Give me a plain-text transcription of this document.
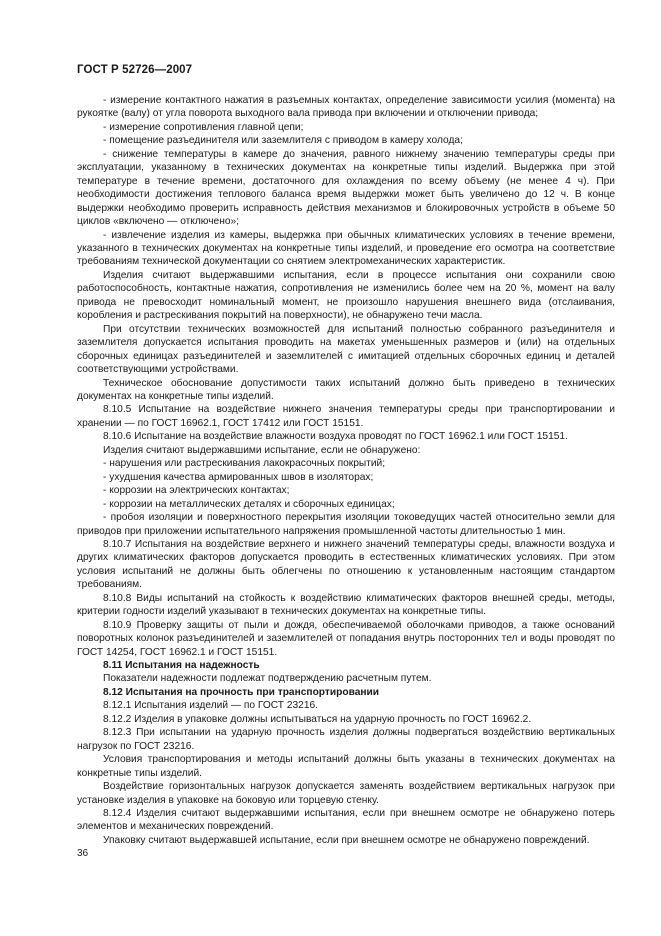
ГОСТ Р 52726—2007

- измерение контактного нажатия в разъемных контактах, определение зависимости усилия (момента) на рукоятке (валу) от угла поворота выходного вала привода при включении и отключении привода;

- измерение сопротивления главной цепи;

- помещение разъединителя или заземлителя с приводом в камеру холода;

- снижение температуры в камере до значения, равного нижнему значению температуры среды при эксплуатации, указанному в технических документах на конкретные типы изделий. Выдержка при этой температуре в течение времени, достаточного для охлаждения по всему объему (не менее 4 ч). При необходимости достижения теплового баланса время выдержки может быть увеличено до 12 ч. В конце выдержки необходимо проверить исправность действия механизмов и блокировочных устройств в объеме 50 циклов «включено — отключено»;

- извлечение изделия из камеры, выдержка при обычных климатических условиях в течение времени, указанного в технических документах на конкретные типы изделий, и проведение его осмотра на соответствие требованиям технической документации со снятием электромеханических характеристик.

Изделия считают выдержавшими испытания, если в процессе испытания они сохранили свою работоспособность, контактные нажатия, сопротивления не изменились более чем на 20 %, момент на валу привода не превосходит номинальный момент, не произошло нарушения внешнего вида (отслаивания, коробления и растрескивания покрытий на поверхности), не обнаружено течи масла.

При отсутствии технических возможностей для испытаний полностью собранного разъединителя и заземлителя допускается испытания проводить на макетах уменьшенных размеров и (или) на отдельных сборочных единицах разъединителей и заземлителей с имитацией отдельных сборочных единиц и деталей соответствующими устройствами.

Техническое обоснование допустимости таких испытаний должно быть приведено в технических документах на конкретные типы изделий.

8.10.5 Испытание на воздействие нижнего значения температуры среды при транспортировании и хранении — по ГОСТ 16962.1, ГОСТ 17412 или ГОСТ 15151.

8.10.6 Испытание на воздействие влажности воздуха проводят по ГОСТ 16962.1 или ГОСТ 15151.

Изделия считают выдержавшими испытание, если не обнаружено:

- нарушения или растрескивания лакокрасочных покрытий;

- ухудшения качества армированных швов в изоляторах;

- коррозии на электрических контактах;

- коррозии на металлических деталях и сборочных единицах;

- пробоя изоляции и поверхностного перекрытия изоляции токоведущих частей относительно земли для приводов при приложении испытательного напряжения промышленной частоты длительностью 1 мин.

8.10.7 Испытания на воздействие верхнего и нижнего значений температуры среды, влажности воздуха и других климатических факторов допускается проводить в естественных климатических условиях. При этом условия испытаний не должны быть облегчены по отношению к установленным настоящим стандартом требованиям.

8.10.8 Виды испытаний на стойкость к воздействию климатических факторов внешней среды, методы, критерии годности изделий указывают в технических документах на конкретные типы.

8.10.9 Проверку защиты от пыли и дождя, обеспечиваемой оболочками приводов, а также оснований поворотных колонок разъединителей и заземлителей от попадания внутрь посторонних тел и воды проводят по ГОСТ 14254, ГОСТ 16962.1 и ГОСТ 15151.

8.11 Испытания на надежность

Показатели надежности подлежат подтверждению расчетным путем.

8.12 Испытания на прочность при транспортировании

8.12.1 Испытания изделий — по ГОСТ 23216.

8.12.2 Изделия в упаковке должны испытываться на ударную прочность по ГОСТ 16962.2.

8.12.3 При испытании на ударную прочность изделия должны подвергаться воздействию вертикальных нагрузок по ГОСТ 23216.

Условия транспортирования и методы испытаний должны быть указаны в технических документах на конкретные типы изделий.

Воздействие горизонтальных нагрузок допускается заменять воздействием вертикальных нагрузок при установке изделия в упаковке на боковую или торцевую стенку.

8.12.4 Изделия считают выдержавшими испытания, если при внешнем осмотре не обнаружено потерь элементов и механических повреждений.

Упаковку считают выдержавшей испытание, если при внешнем осмотре не обнаружено повреждений.

36
